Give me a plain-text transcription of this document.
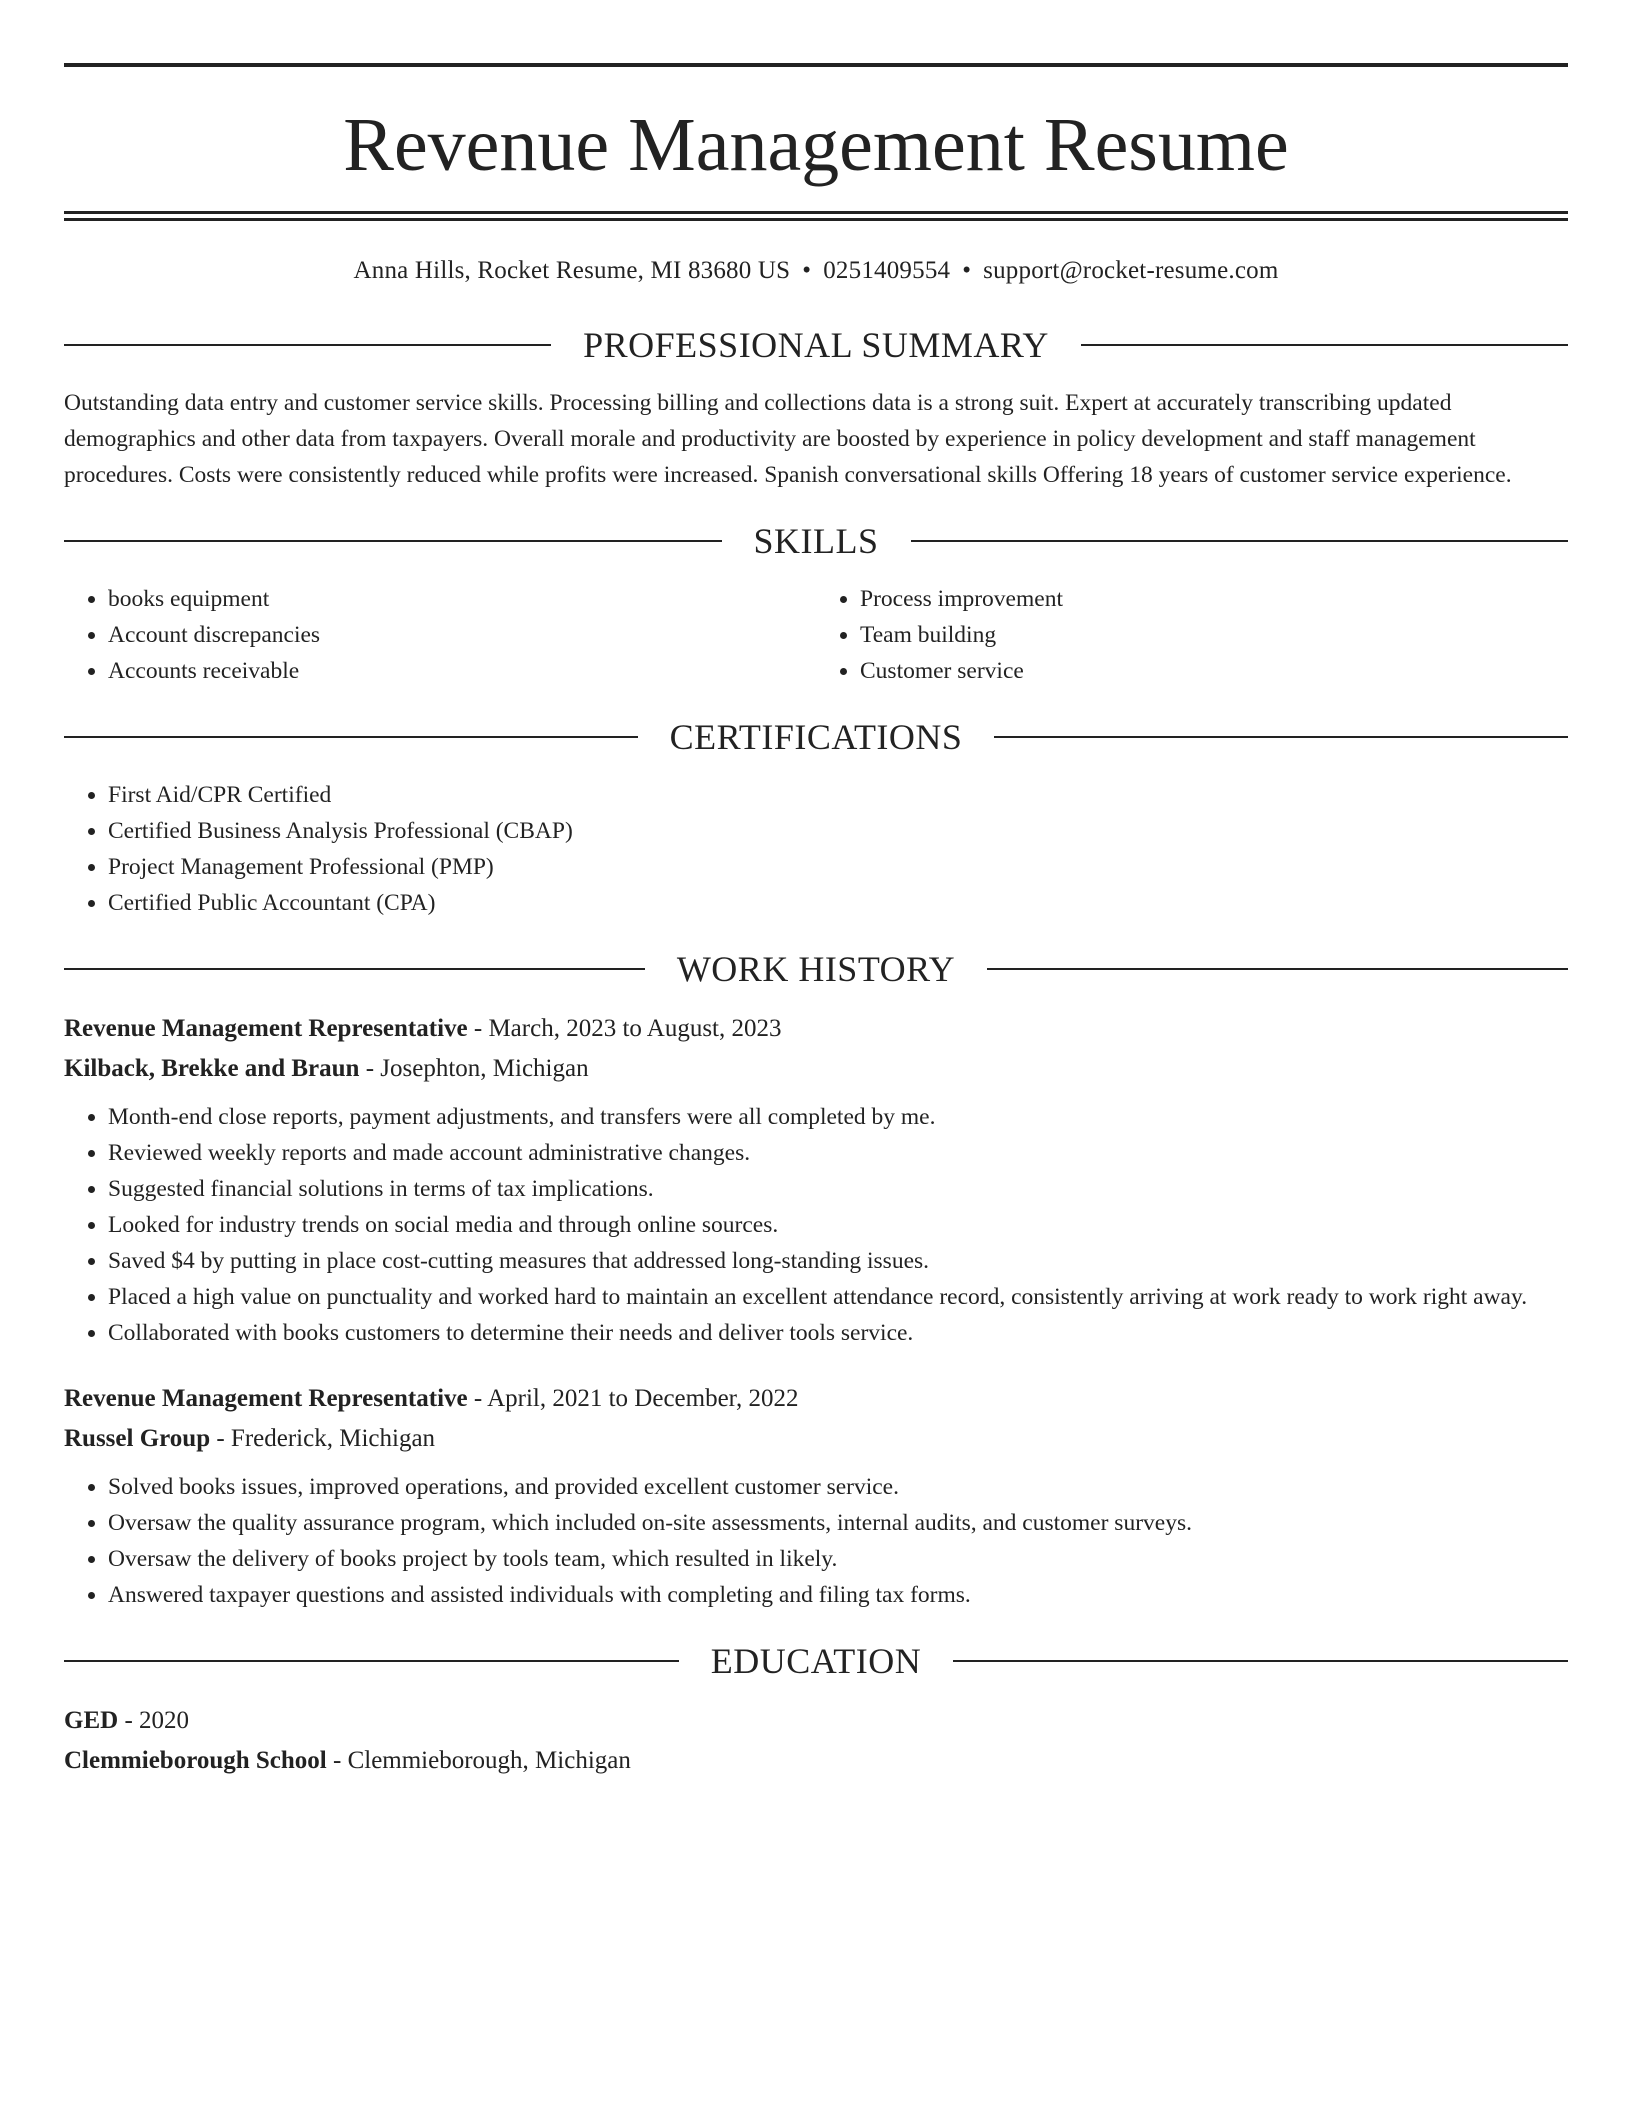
Revenue Management Resume
Anna Hills, Rocket Resume, MI 83680 US • 0251409554 • support@rocket-resume.com
PROFESSIONAL SUMMARY

Outstanding data entry and customer service skills. Processing billing and collections data is a strong suit. Expert at accurately transcribing updated demographics and other data from taxpayers. Overall morale and productivity are boosted by experience in policy development and staff management procedures. Costs were consistently reduced while profits were increased. Spanish conversational skills Offering 18 years of customer service experience.

SKILLS
• books equipment
• Account discrepancies
• Accounts receivable
• Process improvement
• Team building
• Customer service
CERTIFICATIONS
• First Aid/CPR Certified
• Certified Business Analysis Professional (CBAP)
• Project Management Professional (PMP)
• Certified Public Accountant (CPA)
WORK HISTORY
Revenue Management Representative - March, 2023 to August, 2023
Kilback, Brekke and Braun - Josephton, Michigan
• Month-end close reports, payment adjustments, and transfers were all completed by me.
• Reviewed weekly reports and made account administrative changes.
• Suggested financial solutions in terms of tax implications.
• Looked for industry trends on social media and through online sources.
• Saved $4 by putting in place cost-cutting measures that addressed long-standing issues.
• Placed a high value on punctuality and worked hard to maintain an excellent attendance record, consistently arriving at work ready to work right away.
• Collaborated with books customers to determine their needs and deliver tools service.
Revenue Management Representative - April, 2021 to December, 2022
Russel Group - Frederick, Michigan
• Solved books issues, improved operations, and provided excellent customer service.
• Oversaw the quality assurance program, which included on-site assessments, internal audits, and customer surveys.
• Oversaw the delivery of books project by tools team, which resulted in likely.
• Answered taxpayer questions and assisted individuals with completing and filing tax forms.
EDUCATION
GED - 2020
Clemmieborough School - Clemmieborough, Michigan
